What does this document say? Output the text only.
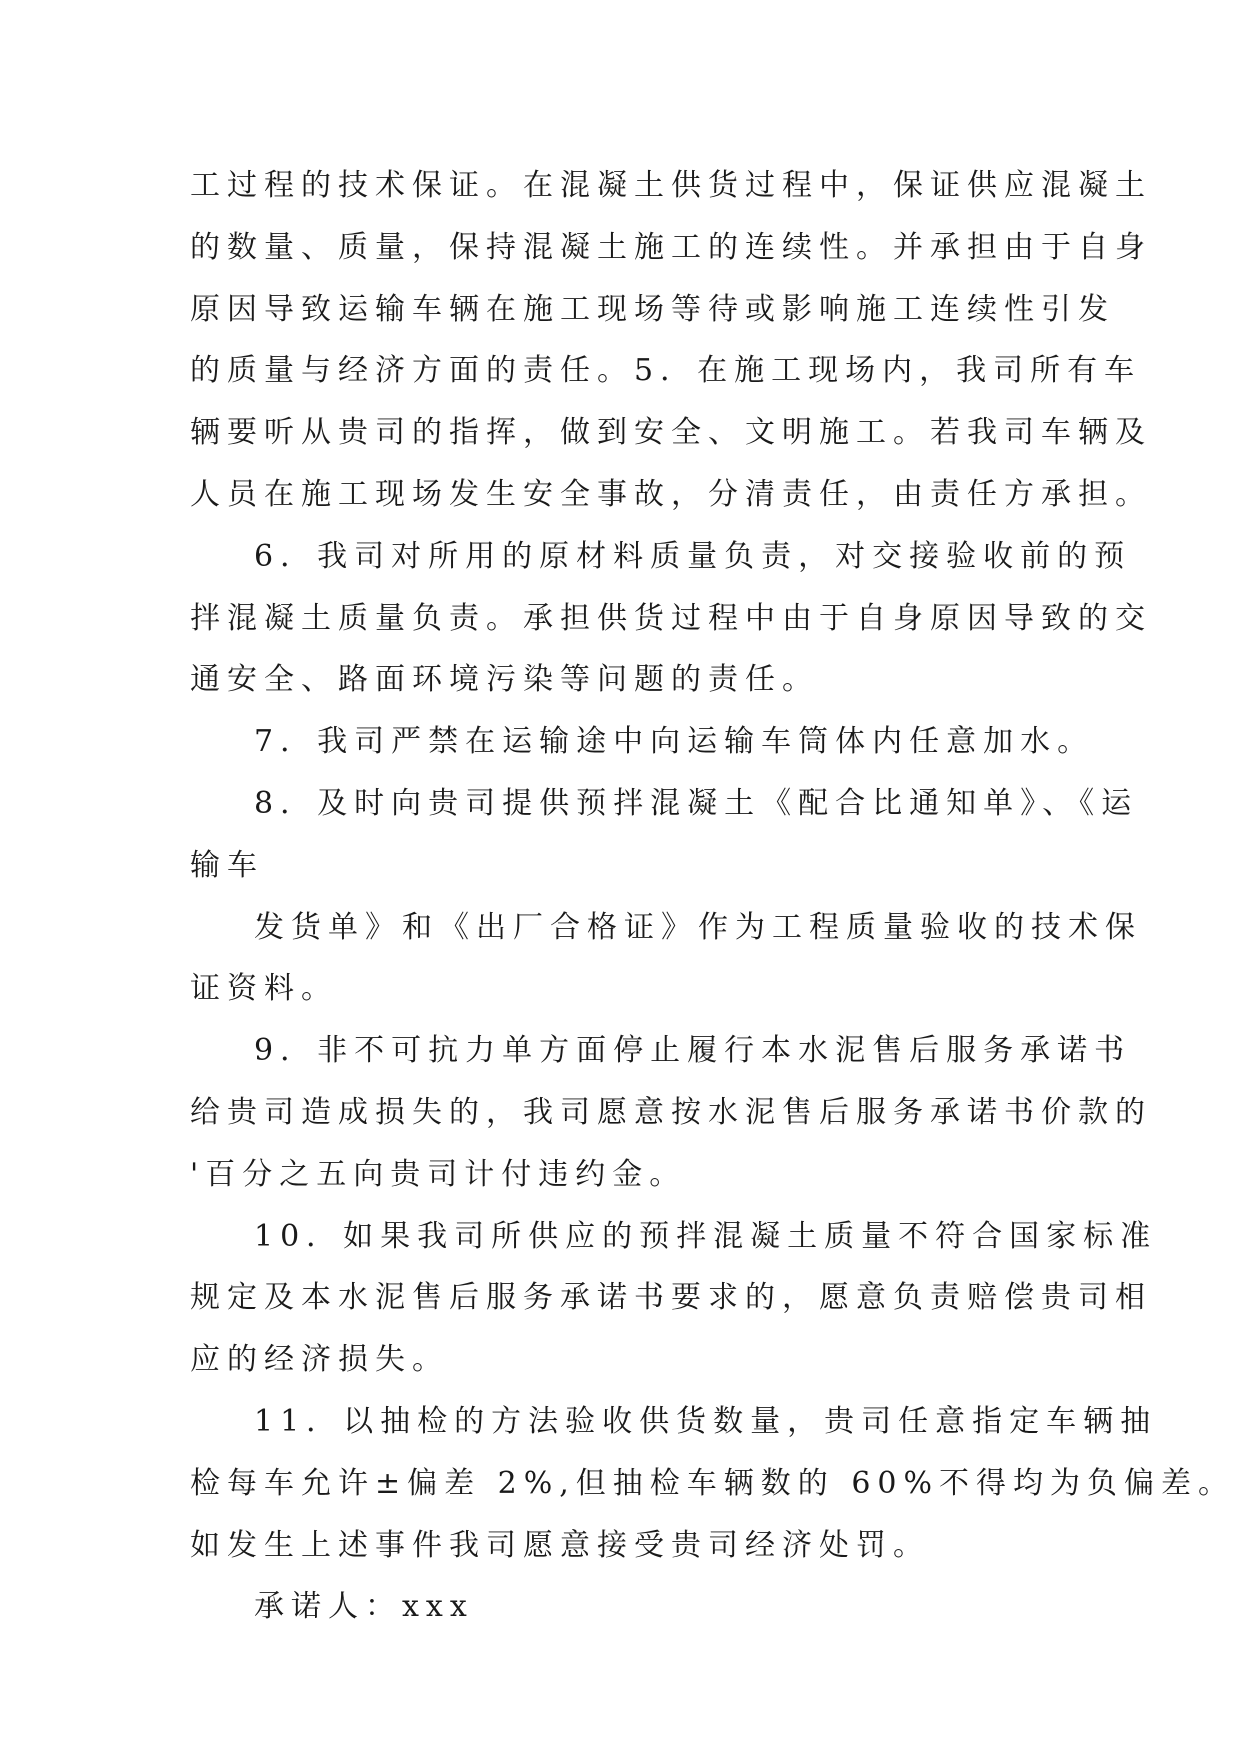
工过程的技术保证。在混凝土供货过程中，保证供应混凝土
的数量、质量，保持混凝土施工的连续性。并承担由于自身
原因导致运输车辆在施工现场等待或影响施工连续性引发
的质量与经济方面的责任。5．在施工现场内，我司所有车
辆要听从贵司的指挥，做到安全、文明施工。若我司车辆及
人员在施工现场发生安全事故，分清责任，由责任方承担。
6．我司对所用的原材料质量负责，对交接验收前的预
拌混凝土质量负责。承担供货过程中由于自身原因导致的交
通安全、路面环境污染等问题的责任。
7．我司严禁在运输途中向运输车筒体内任意加水。
8．及时向贵司提供预拌混凝土《配合比通知单》、《运
输车
发货单》和《出厂合格证》作为工程质量验收的技术保
证资料。
9．非不可抗力单方面停止履行本水泥售后服务承诺书
给贵司造成损失的，我司愿意按水泥售后服务承诺书价款的
'百分之五向贵司计付违约金。
10．如果我司所供应的预拌混凝土质量不符合国家标准
规定及本水泥售后服务承诺书要求的，愿意负责赔偿贵司相
应的经济损失。
11．以抽检的方法验收供货数量，贵司任意指定车辆抽
检每车允许±偏差 2%,但抽检车辆数的 60%不得均为负偏差。
如发生上述事件我司愿意接受贵司经济处罚。
承诺人：xxx
